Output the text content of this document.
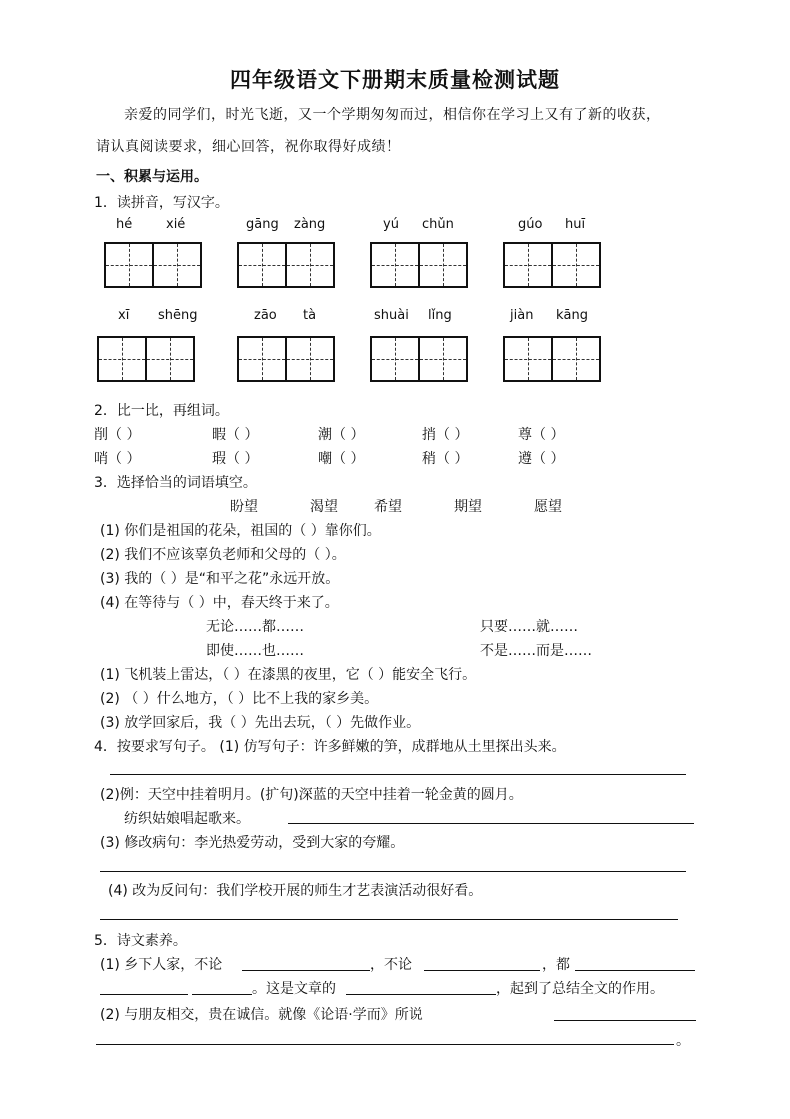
四年级语文下册期末质量检测试题
亲爱的同学们，时光飞逝，又一个学期匆匆而过，相信你在学习上又有了新的收获，
请认真阅读要求，细心回答，祝你取得好成绩！
一、积累与运用。
1．读拼音，写汉字。
hé	xié	gāng zàng	yú chǔn	gúo huī
xī shēng	zāo tà	shuài lǐng	jiàn kāng
2．比一比，再组词。
削（ ）	暇（ ）	潮（ ）	捎（ ）	尊（ ）
哨（ ）	瑕（ ）	嘲（ ）	稍（ ）	遵（ ）
3．选择恰当的词语填空。
盼望	渴望	希望	期望	愿望
(1) 你们是祖国的花朵，祖国的（ ）靠你们。
(2) 我们不应该辜负老师和父母的（ ）。
(3) 我的（ ）是“和平之花”永远开放。
(4) 在等待与（ ）中，春天终于来了。
无论……都……	只要……就……
即使……也……	不是……而是……
(1) 飞机装上雷达，（ ）在漆黑的夜里，它（ ）能安全飞行。
(2) （ ）什么地方，（ ）比不上我的家乡美。
(3) 放学回家后，我（ ）先出去玩，（ ）先做作业。
4．按要求写句子。 (1) 仿写句子：许多鲜嫩的笋，成群地从土里探出头来。
(2)例：天空中挂着明月。(扩句)深蓝的天空中挂着一轮金黄的圆月。
纺织姑娘唱起歌来。
(3) 修改病句：李光热爱劳动，受到大家的夸耀。
(4) 改为反问句：我们学校开展的师生才艺表演活动很好看。
5．诗文素养。
(1) 乡下人家，不论	，不论	，都
。这是文章的	，起到了总结全文的作用。
(2) 与朋友相交，贵在诚信。就像《论语·学而》所说
。
